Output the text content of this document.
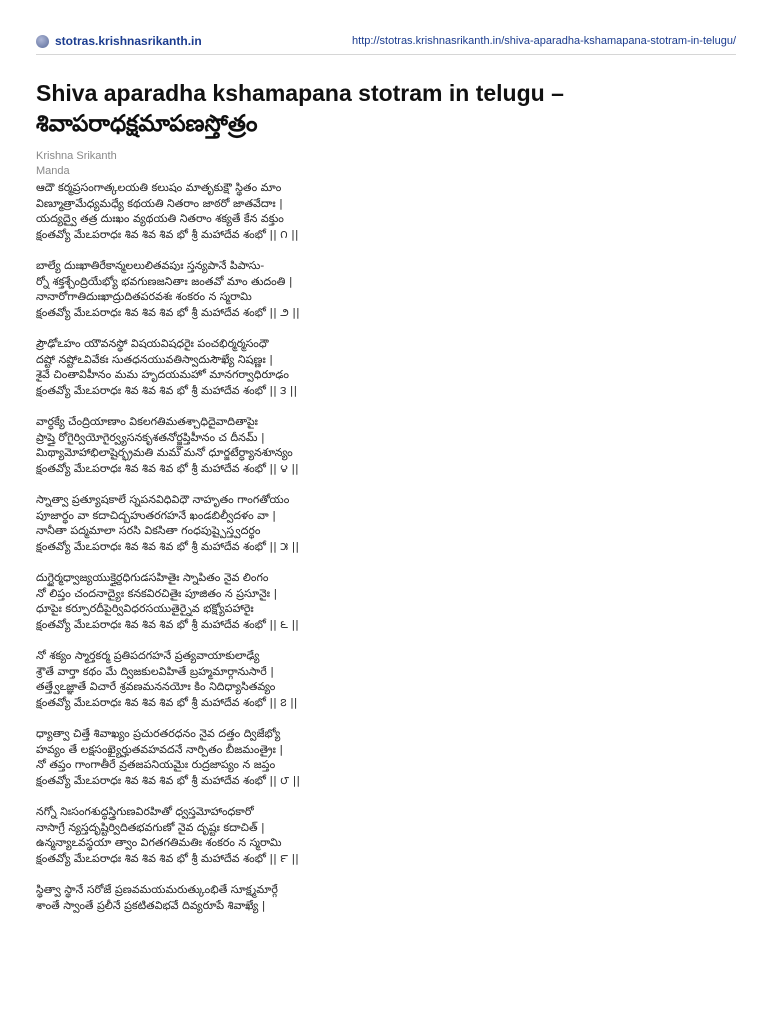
stotras.krishnasrikanth.in	http://stotras.krishnasrikanth.in/shiva-aparadha-kshamapana-stotram-in-telugu/
Shiva aparadha kshamapana stotram in telugu –
శివాపరాధక్షమాపణస్తోత్రం
Krishna Srikanth
Manda
ఆదౌ కర్మప్రసంగాత్కలయతి కలుషం మాతృకుక్షౌ స్థితం మాం
విణ్మూత్రామేధ్యమధ్యే కథయతి నితరాం జాఠరో జాతవేదాః |
యద్యద్వై తత్ర దుఃఖం వ్యథయతి నితరాం శక్యతే కేన వక్తుం
క్షంతవ్యో మేఽపరాధః శివ శివ శివ భో శ్రీ మహాదేవ శంభో || ౧ ||
బాల్యే దుఃఖాతిరేకాన్మలలులితవపుః స్తన్యపానే పిపాసు-
ర్నో శక్తశ్చేంద్రియేభ్యో భవగుణజనితాః జంతవో మాం తుదంతి |
నానారోగాతిదుఃఖాద్రుదితపరవశః శంకరం న స్మరామి
క్షంతవ్యో మేఽపరాధః శివ శివ శివ భో శ్రీ మహాదేవ శంభో || ౨ ||
ప్రౌఢోఽహం యౌవనస్థో విషయవిషధరైః పంచభిర్మర్మసంధౌ
దష్టో నష్టోఽవివేకః సుతధనయువతిస్వాదుసౌఖ్యే నిషణ్ణః |
శైవే చింతావిహీనం మమ హృదయమహో మానగర్వాధిరూఢం
క్షంతవ్యో మేఽపరాధః శివ శివ శివ భో శ్రీ మహాదేవ శంభో || ౩ ||
వార్ధక్యే చేంద్రియాణాం వికలగతిమతశ్చాధిదైవాదితాపైః
ప్రాప్తై రోగైర్వియోగైర్వ్యసనకృశతనోర్జ్ఞప్తిహీనం చ దీనమ్ |
మిథ్యామోహాభిలాషైర్భ్రమతి మమ మనో ధూర్జటేర్ధ్యానశూన్యం
క్షంతవ్యో మేఽపరాధః శివ శివ శివ భో శ్రీ మహాదేవ శంభో || ౪ ||
స్నాత్వా ప్రత్యూషకాలే స్నపనవిధివిధౌ నాహృతం గాంగతోయం
పూజార్థం వా కదాచిద్బహుతరగహనే ఖండబిల్వీదళం వా |
నానీతా పద్మమాలా సరసి వికసితా గంధపుష్పైస్త్వదర్థం
క్షంతవ్యో మేఽపరాధః శివ శివ శివ భో శ్రీ మహాదేవ శంభో || ౫ ||
దుగ్ధైర్మధ్వాజ్యయుక్తైర్దధిగుడసహితైః స్నాపితం నైవ లింగం
నో లిప్తం చందనాద్యైః కనకవిరచితైః పూజితం న ప్రసూనైః |
ధూపైః కర్పూరదీపైర్వివిధరసయుతైర్నైవ భక్ష్యోపహారైః
క్షంతవ్యో మేఽపరాధః శివ శివ శివ భో శ్రీ మహాదేవ శంభో || ౬ ||
నో శక్యం స్మార్తకర్మ ప్రతిపదగహనే ప్రత్యవాయాకులాఢ్యే
శ్రౌతే వార్తా కథం మే ద్విజకులవిహితే బ్రహ్మమార్గానుసారే |
తత్త్వేఽజ్ఞాతే విచారే శ్రవణమననయోః కిం నిదిధ్యాసితవ్యం
క్షంతవ్యో మేఽపరాధః శివ శివ శివ భో శ్రీ మహాదేవ శంభో || ౭ ||
ధ్యాత్వా చిత్తే శివాఖ్యం ప్రచురతరధనం నైవ దత్తం ద్విజేభ్యో
హవ్యం తే లక్షసంఖ్యైర్హుతవహవదనే నార్పితం బీజమంత్రైః |
నో తప్తం గాంగాతీరే వ్రతజపనియమైః రుద్రజాప్యం న జప్తం
క్షంతవ్యో మేఽపరాధః శివ శివ శివ భో శ్రీ మహాదేవ శంభో || ౮ ||
నగ్నో నిఃసంగశుద్ధస్త్రిగుణవిరహితో ధ్వస్తమోహాంధకారో
నాసాగ్రే న్యస్తదృష్టిర్విదితభవగుణో నైవ దృష్టః కదాచిత్ |
ఉన్మన్యాఽవస్థయా త్వాం విగతగతిమతిః శంకరం న స్మరామి
క్షంతవ్యో మేఽపరాధః శివ శివ శివ భో శ్రీ మహాదేవ శంభో || ౯ ||
స్థిత్వా స్థానే సరోజే ప్రణవమయమరుత్కుంభితే సూక్ష్మమార్గే
శాంతే స్వాంతే ప్రలీనే ప్రకటితవిభవే దివ్యరూపే శివాఖ్యే |
